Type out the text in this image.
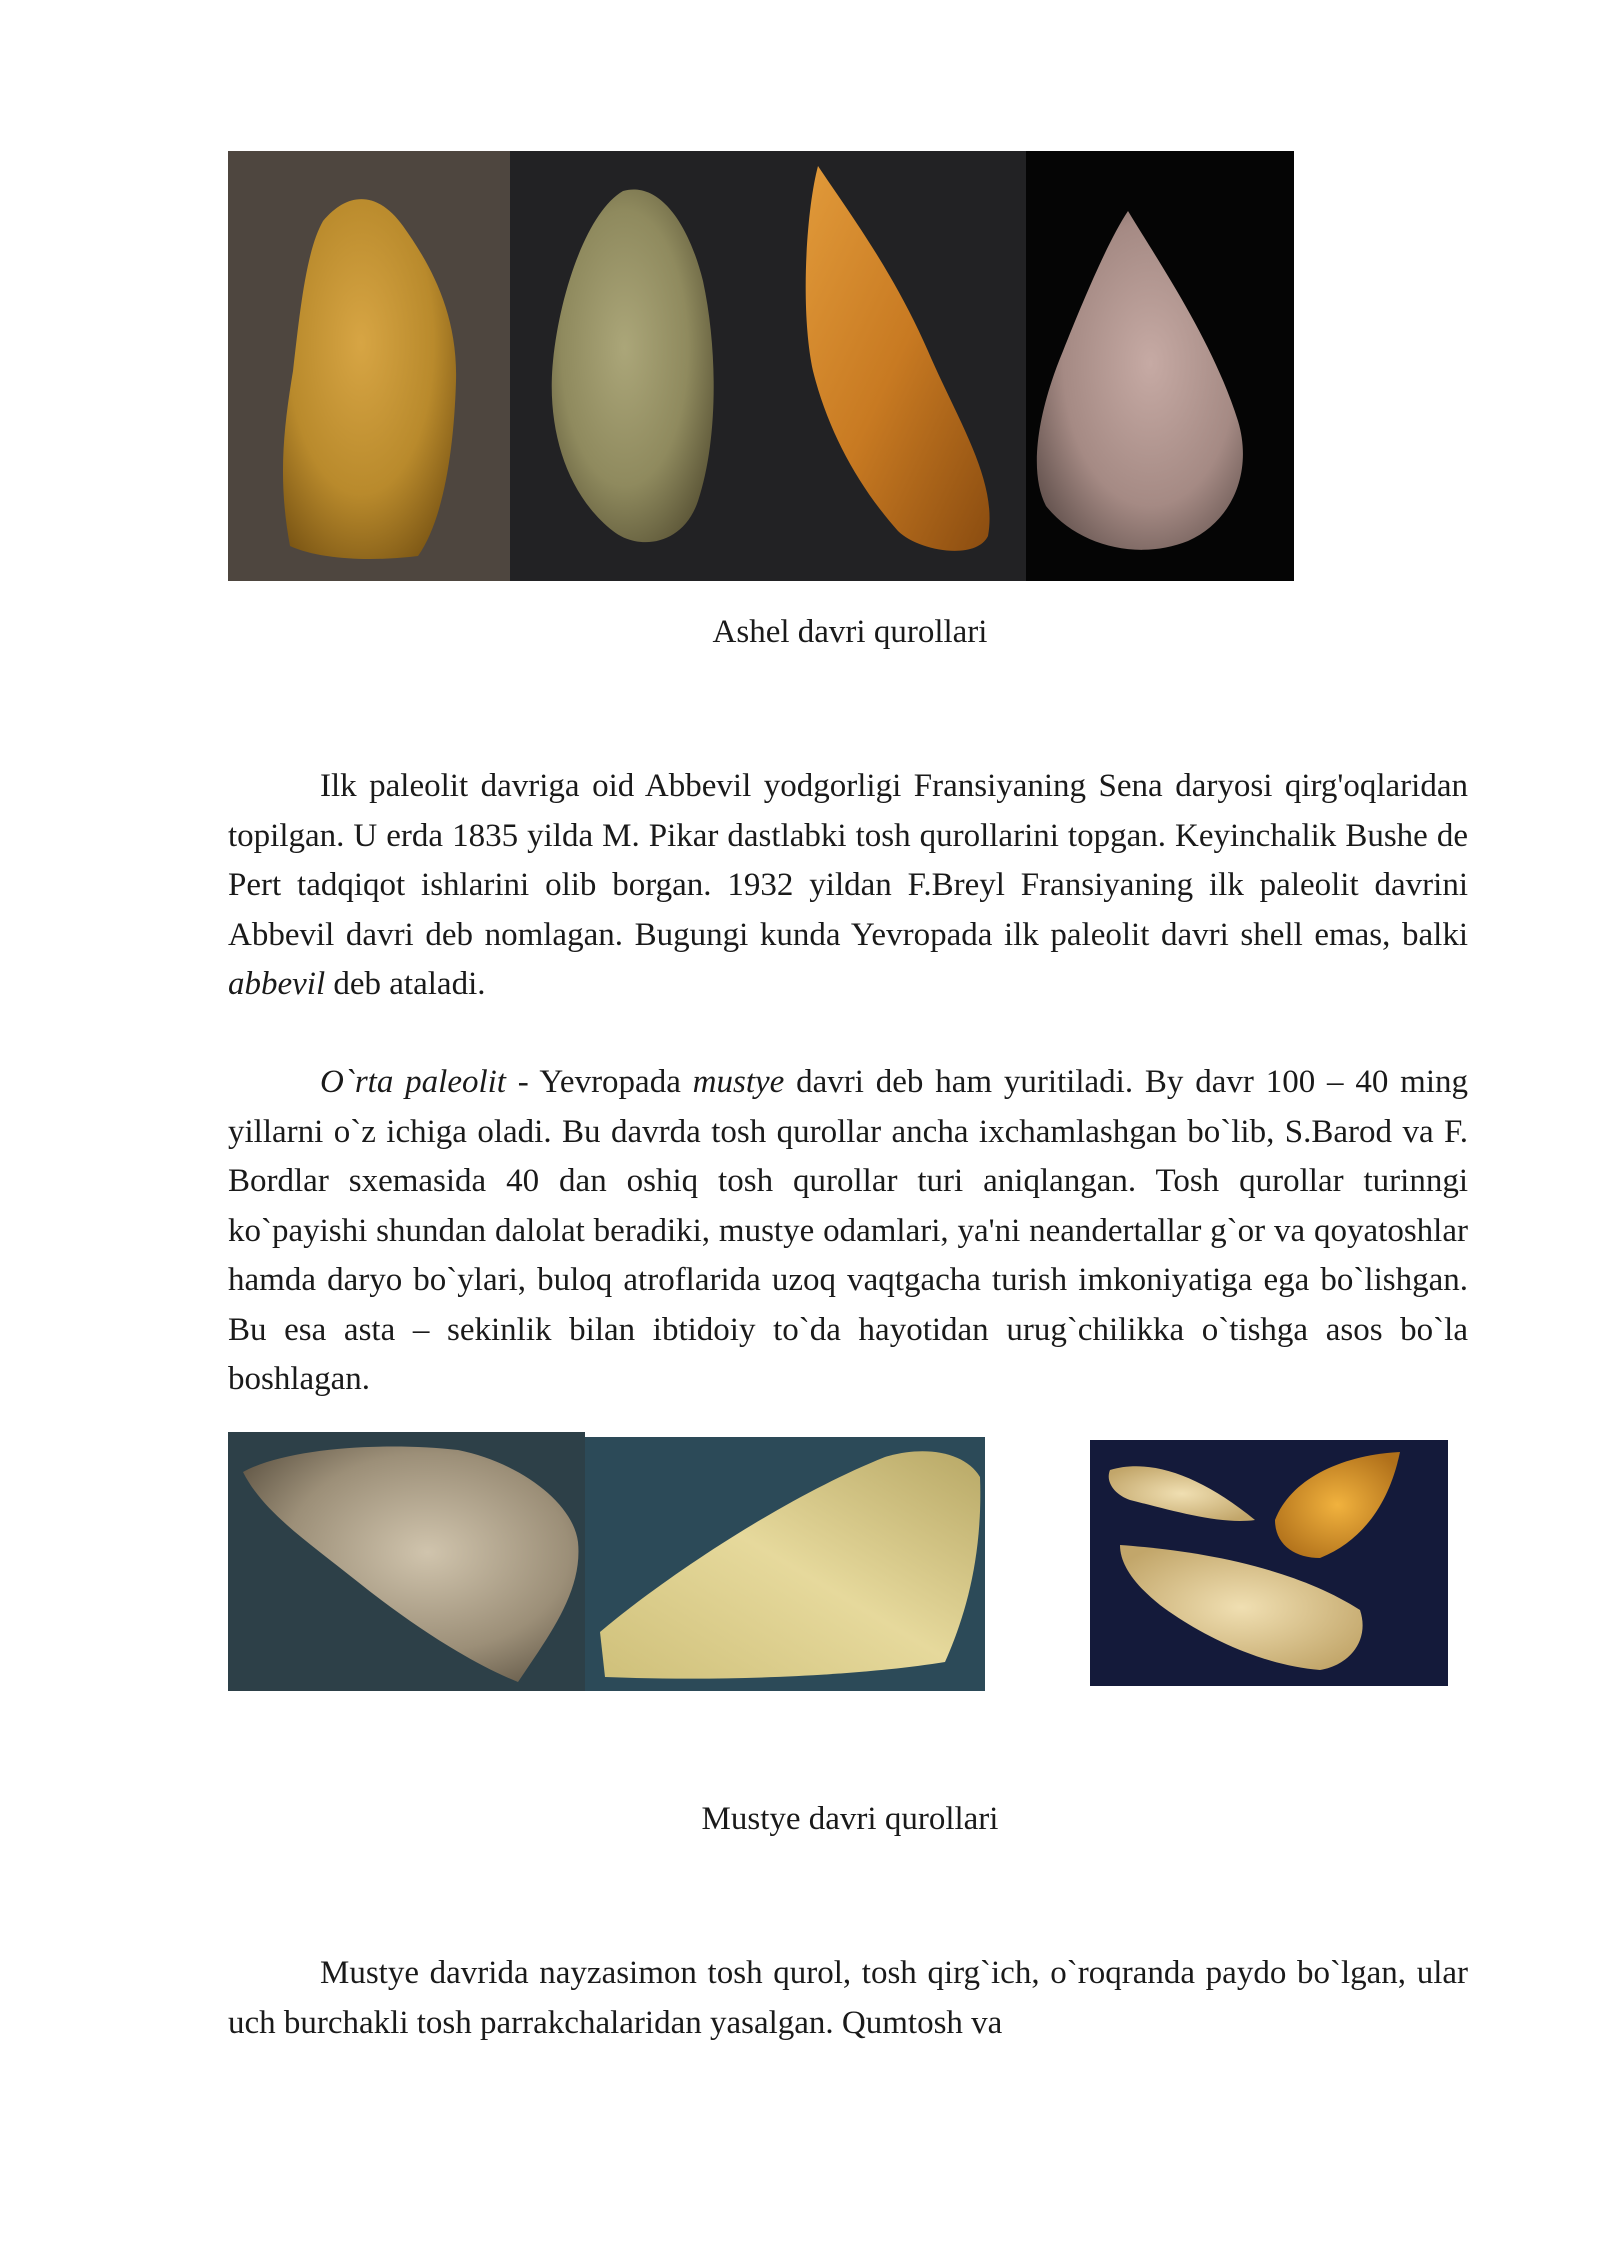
Ashel davri qurollari
Ilk paleolit davriga oid Abbevil yodgorligi Fransiyaning Sena daryosi qirg'oqlaridan topilgan. U erda 1835 yilda M. Pikar dastlabki tosh qurollarini topgan. Keyinchalik Bushe de Pert tadqiqot ishlarini olib borgan. 1932 yildan F.Breyl Fransiyaning ilk paleolit davrini Abbevil davri deb nomlagan. Bugungi kunda Yevropada ilk paleolit davri shell emas, balki abbevil deb ataladi.
O`rta paleolit - Yevropada mustye davri deb ham yuritiladi. By davr 100 – 40 ming yillarni o`z ichiga oladi. Bu davrda tosh qurollar ancha ixchamlashgan bo`lib, S.Barod va F. Bordlar sxemasida 40 dan oshiq tosh qurollar turi aniqlangan. Tosh qurollar turinngi ko`payishi shundan dalolat beradiki, mustye odamlari, ya'ni neandertallar g`or va qoyatoshlar hamda daryo bo`ylari, buloq atroflarida uzoq vaqtgacha turish imkoniyatiga ega bo`lishgan. Bu esa asta – sekinlik bilan ibtidoiy to`da hayotidan urug`chilikka o`tishga asos bo`la boshlagan.
Mustye davri qurollari
Mustye davrida nayzasimon tosh qurol, tosh qirg`ich, o`roqranda paydo bo`lgan, ular uch burchakli tosh parrakchalaridan yasalgan. Qumtosh va
